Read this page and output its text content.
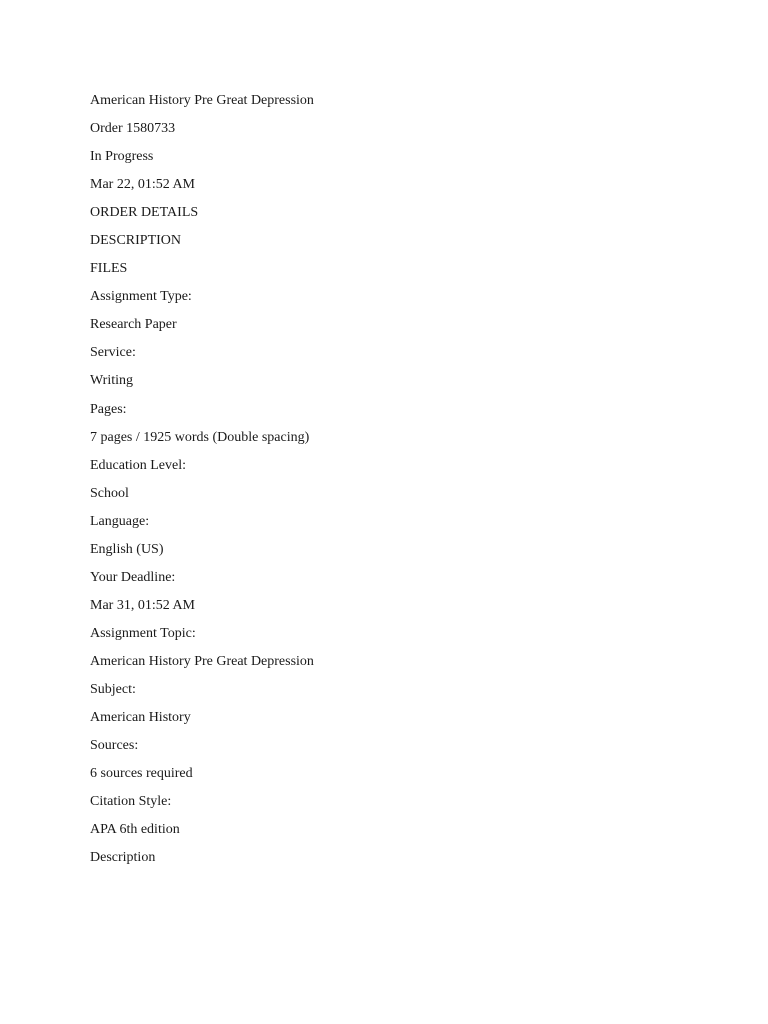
American History Pre Great Depression
Order 1580733
In Progress
Mar 22, 01:52 AM
ORDER DETAILS
DESCRIPTION
FILES
Assignment Type:
Research Paper
Service:
Writing
Pages:
7 pages / 1925 words (Double spacing)
Education Level:
School
Language:
English (US)
Your Deadline:
Mar 31, 01:52 AM
Assignment Topic:
American History Pre Great Depression
Subject:
American History
Sources:
6 sources required
Citation Style:
APA 6th edition
Description
